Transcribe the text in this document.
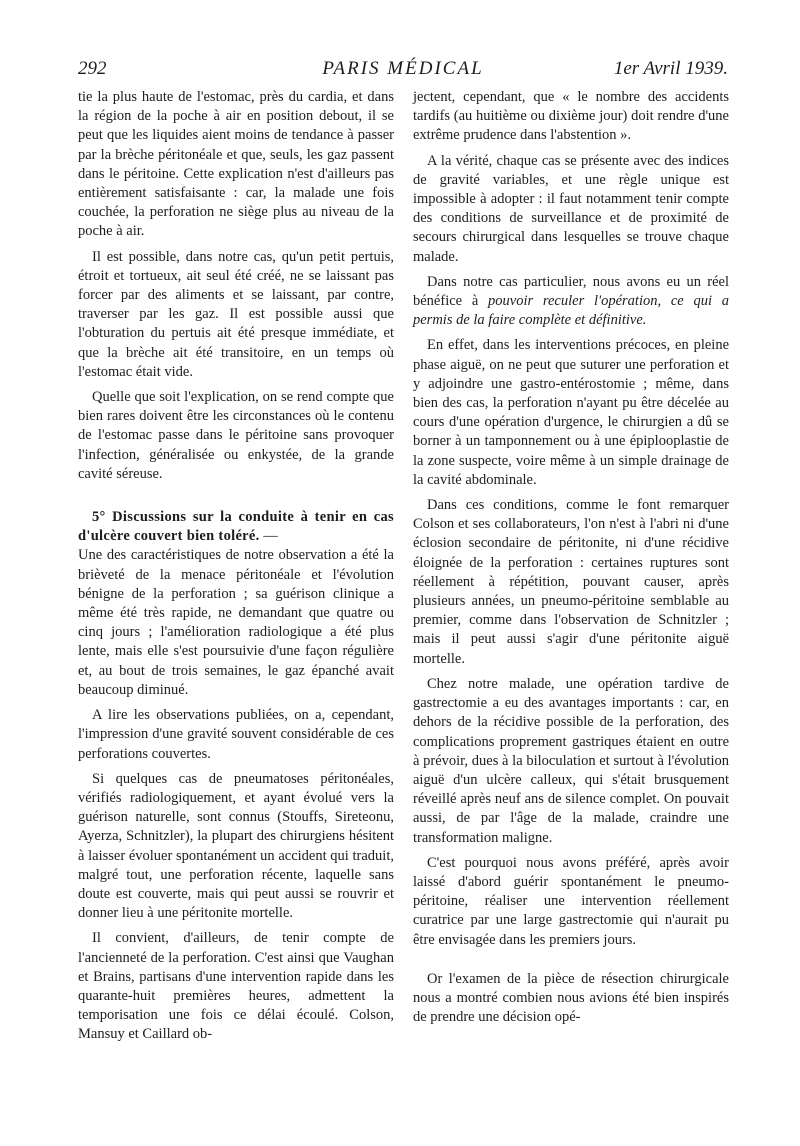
292	PARIS MÉDICAL	1er Avril 1939.

tie la plus haute de l'estomac, près du cardia, et dans la région de la poche à air en position debout, il se peut que les liquides aient moins de tendance à passer par la brèche péritonéale et que, seuls, les gaz passent dans le péritoine. Cette explication n'est d'ailleurs pas entièrement satisfaisante : car, la malade une fois couchée, la perforation ne siège plus au niveau de la poche à air.

Il est possible, dans notre cas, qu'un petit pertuis, étroit et tortueux, ait seul été créé, ne se laissant pas forcer par des aliments et se laissant, par contre, traverser par les gaz. Il est possible aussi que l'obturation du pertuis ait été presque immédiate, et que la brèche ait été transitoire, en un temps où l'estomac était vide.

Quelle que soit l'explication, on se rend compte que bien rares doivent être les circonstances où le contenu de l'estomac passe dans le péritoine sans provoquer l'infection, généralisée ou enkystée, de la grande cavité séreuse.

5° Discussions sur la conduite à tenir en cas d'ulcère couvert bien toléré. —

Une des caractéristiques de notre observation a été la brièveté de la menace péritonéale et l'évolution bénigne de la perforation ; sa guérison clinique a même été très rapide, ne demandant que quatre ou cinq jours ; l'amélioration radiologique a été plus lente, mais elle s'est poursuivie d'une façon régulière et, au bout de trois semaines, le gaz épanché avait beaucoup diminué.

A lire les observations publiées, on a, cependant, l'impression d'une gravité souvent considérable de ces perforations couvertes.

Si quelques cas de pneumatoses péritonéales, vérifiés radiologiquement, et ayant évolué vers la guérison naturelle, sont connus (Stouffs, Sireteonu, Ayerza, Schnitzler), la plupart des chirurgiens hésitent à laisser évoluer spontanément un accident qui traduit, malgré tout, une perforation récente, laquelle sans doute est couverte, mais qui peut aussi se rouvrir et donner lieu à une péritonite mortelle.

Il convient, d'ailleurs, de tenir compte de l'ancienneté de la perforation. C'est ainsi que Vaughan et Brains, partisans d'une intervention rapide dans les quarante-huit premières heures, admettent la temporisation une fois ce délai écoulé. Colson, Mansuy et Caillard ob-

jectent, cependant, que « le nombre des accidents tardifs (au huitième ou dixième jour) doit rendre d'une extrême prudence dans l'abstention ».

A la vérité, chaque cas se présente avec des indices de gravité variables, et une règle unique est impossible à adopter : il faut notamment tenir compte des conditions de surveillance et de proximité de secours chirurgical dans lesquelles se trouve chaque malade.

Dans notre cas particulier, nous avons eu un réel bénéfice à pouvoir reculer l'opération, ce qui a permis de la faire complète et définitive.

En effet, dans les interventions précoces, en pleine phase aiguë, on ne peut que suturer une perforation et y adjoindre une gastro-entérostomie ; même, dans bien des cas, la perforation n'ayant pu être décelée au cours d'une opération d'urgence, le chirurgien a dû se borner à un tamponnement ou à une épiplooplastie de la zone suspecte, voire même à un simple drainage de la cavité abdominale.

Dans ces conditions, comme le font remarquer Colson et ses collaborateurs, l'on n'est à l'abri ni d'une éclosion secondaire de péritonite, ni d'une récidive éloignée de la perforation : certaines ruptures sont réellement à répétition, pouvant causer, après plusieurs années, un pneumo-péritoine semblable au premier, comme dans l'observation de Schnitzler ; mais il peut aussi s'agir d'une péritonite aiguë mortelle.

Chez notre malade, une opération tardive de gastrectomie a eu des avantages importants : car, en dehors de la récidive possible de la perforation, des complications proprement gastriques étaient en outre à prévoir, dues à la biloculation et surtout à l'évolution aiguë d'un ulcère calleux, qui s'était brusquement réveillé après neuf ans de silence complet. On pouvait aussi, de par l'âge de la malade, craindre une transformation maligne.

C'est pourquoi nous avons préféré, après avoir laissé d'abord guérir spontanément le pneumo-péritoine, réaliser une intervention réellement curatrice par une large gastrectomie qui n'aurait pu être envisagée dans les premiers jours.

Or l'examen de la pièce de résection chirurgicale nous a montré combien nous avions été bien inspirés de prendre une décision opé-
